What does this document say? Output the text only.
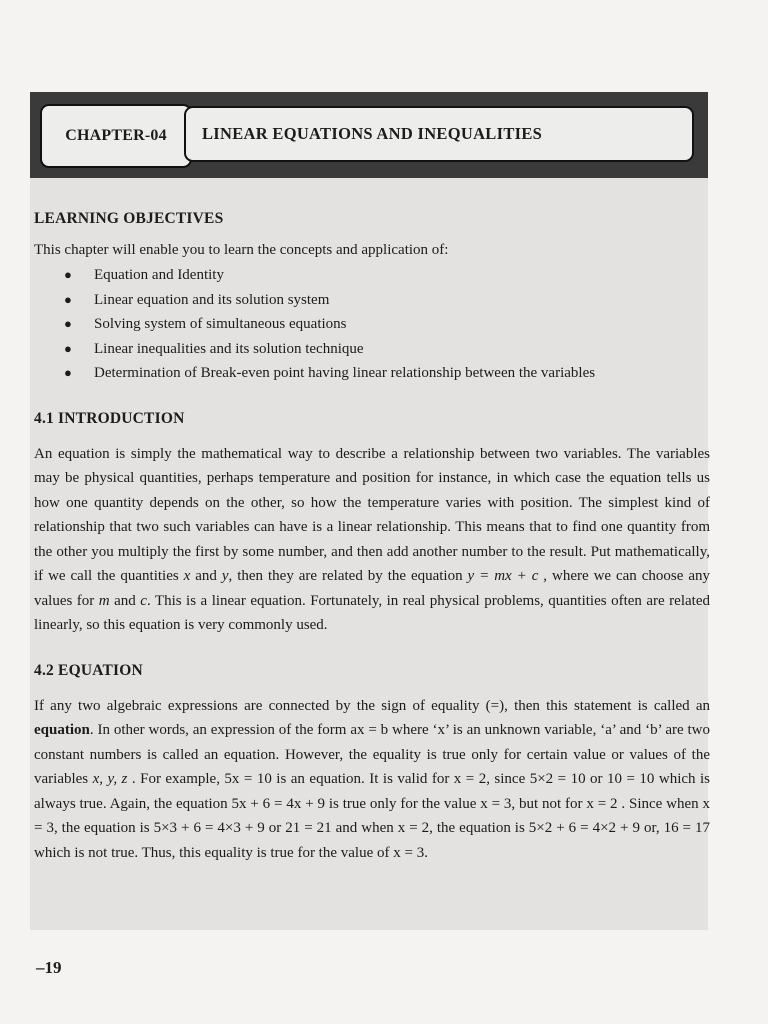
CHAPTER-04	LINEAR EQUATIONS AND INEQUALITIES
LEARNING OBJECTIVES
This chapter will enable you to learn the concepts and application of:
● Equation and Identity
● Linear equation and its solution system
● Solving system of simultaneous equations
● Linear inequalities and its solution technique
● Determination of Break-even point having linear relationship between the variables
4.1 INTRODUCTION

An equation is simply the mathematical way to describe a relationship between two variables. The variables may be physical quantities, perhaps temperature and position for instance, in which case the equation tells us how one quantity depends on the other, so how the temperature varies with position. The simplest kind of relationship that two such variables can have is a linear relationship. This means that to find one quantity from the other you multiply the first by some number, and then add another number to the result. Put mathematically, if we call the quantities x and y, then they are related by the equation y = mx + c , where we can choose any values for m and c. This is a linear equation. Fortunately, in real physical problems, quantities often are related linearly, so this equation is very commonly used.

4.2 EQUATION

If any two algebraic expressions are connected by the sign of equality (=), then this statement is called an equation. In other words, an expression of the form ax = b where ‘x’ is an unknown variable, ‘a’ and ‘b’ are two constant numbers is called an equation. However, the equality is true only for certain value or values of the variables x, y, z . For example, 5x = 10 is an equation. It is valid for x = 2, since 5×2 = 10 or 10 = 10 which is always true. Again, the equation 5x + 6 = 4x + 9 is true only for the value x = 3, but not for x = 2 . Since when x = 3, the equation is 5×3 + 6 = 4×3 + 9 or 21 = 21 and when x = 2, the equation is 5×2 + 6 = 4×2 + 9 or, 16 = 17 which is not true. Thus, this equality is true for the value of x = 3.

–19
